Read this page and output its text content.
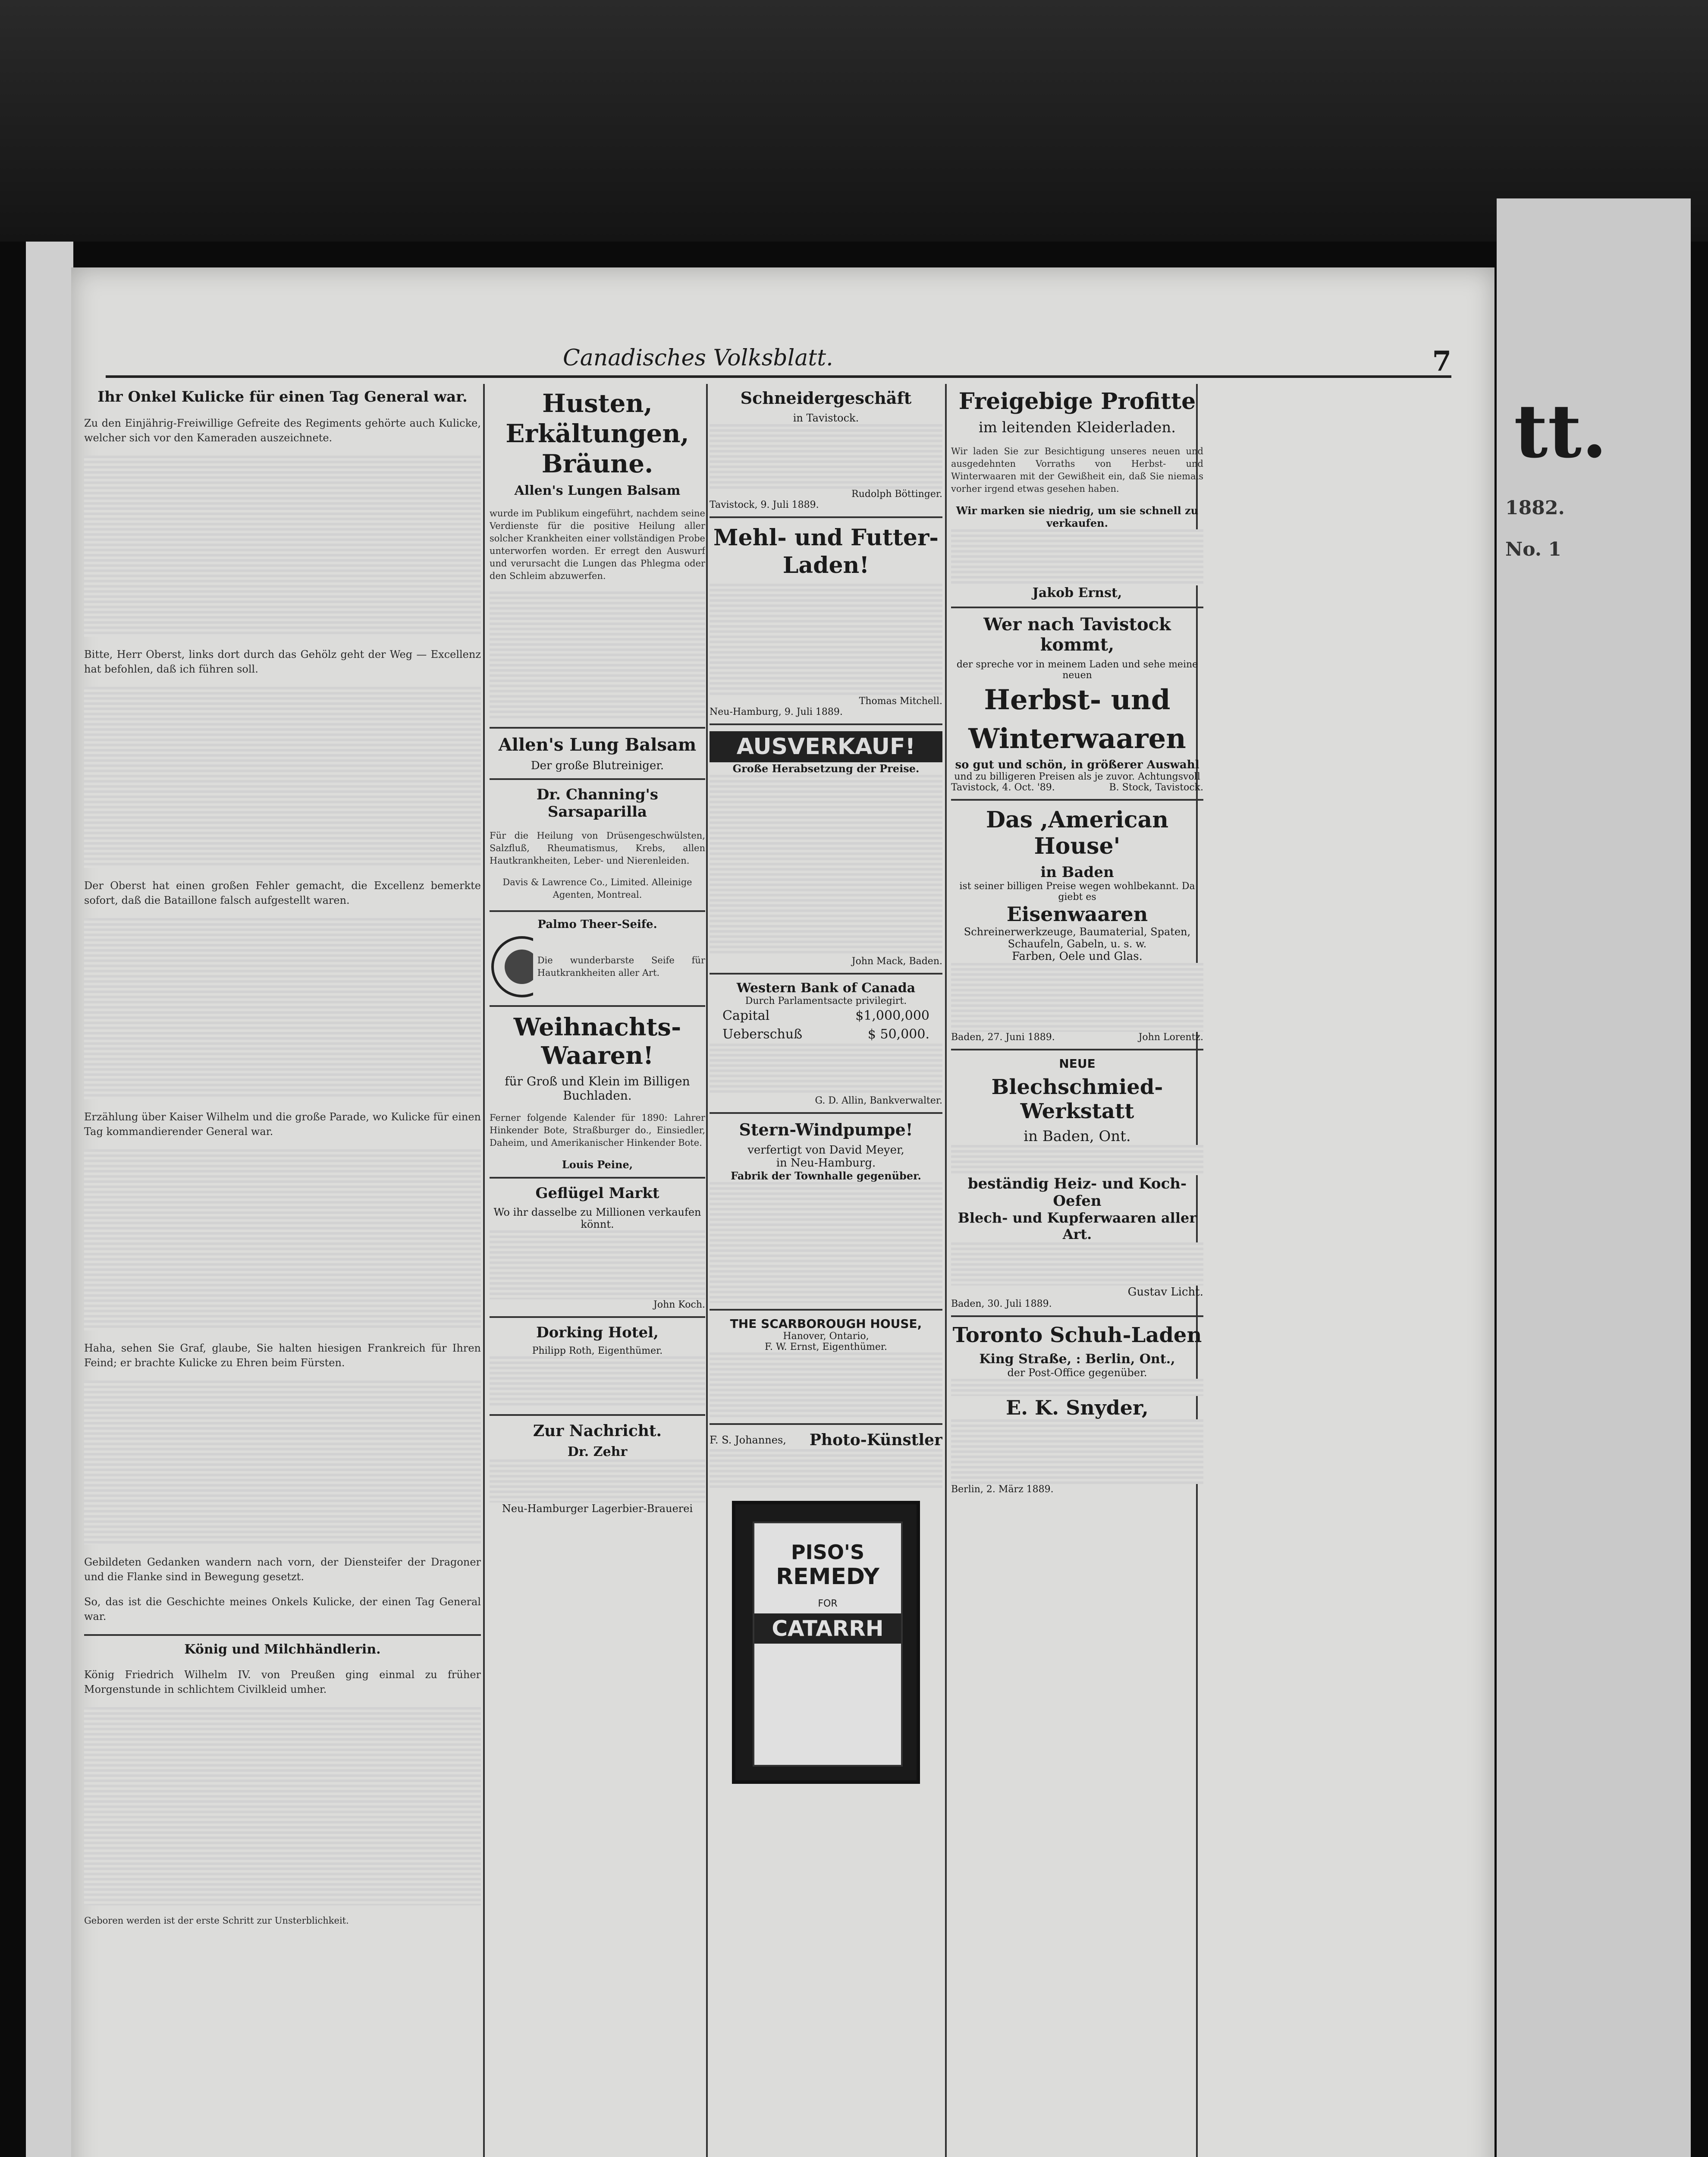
tt.
1882.
No. 1
Canadisches Volksblatt.	7
Ihr Onkel Kulicke für einen Tag General war.

Zu den Einjährig-Freiwillige Gefreite des Regiments gehörte auch Kulicke, welcher sich vor den Kameraden auszeichnete.

Bitte, Herr Oberst, links dort durch das Gehölz geht der Weg — Excellenz hat befohlen, daß ich führen soll.

Der Oberst hat einen großen Fehler gemacht, die Excellenz bemerkte sofort, daß die Bataillone falsch aufgestellt waren.

Erzählung über Kaiser Wilhelm und die große Parade, wo Kulicke für einen Tag kommandierender General war.

Haha, sehen Sie Graf, glaube, Sie halten hiesigen Frankreich für Ihren Feind; er brachte Kulicke zu Ehren beim Fürsten.

Gebildeten Gedanken wandern nach vorn, der Diensteifer der Dragoner und die Flanke sind in Bewegung gesetzt.

So, das ist die Geschichte meines Onkels Kulicke, der einen Tag General war.

König und Milchhändlerin.

König Friedrich Wilhelm IV. von Preußen ging einmal zu früher Morgenstunde in schlichtem Civilkleid umher.

Geboren werden ist der erste Schritt zur Unsterblichkeit.

Husten, Erkältungen, Bräune.
Allen's Lungen Balsam

wurde im Publikum eingeführt, nachdem seine Verdienste für die positive Heilung aller solcher Krankheiten einer vollständigen Probe unterworfen worden. Er erregt den Auswurf und verursacht die Lungen das Phlegma oder den Schleim abzuwerfen.

Allen's Lung Balsam
Der große Blutreiniger.
Dr. Channing's Sarsaparilla

Für die Heilung von Drüsengeschwülsten, Salzfluß, Rheumatismus, Krebs, allen Hautkrankheiten, Leber- und Nierenleiden.

Davis & Lawrence Co., Limited. Alleinige Agenten, Montreal.

Palmo Theer-Seife.

Die wunderbarste Seife für Hautkrankheiten aller Art.

Weihnachts-Waaren!
für Groß und Klein im Billigen Buchladen.

Ferner folgende Kalender für 1890: Lahrer Hinkender Bote, Straßburger do., Einsiedler, Daheim, und Amerikanischer Hinkender Bote.

Louis Peine,
Geflügel Markt
Wo ihr dasselbe zu Millionen verkaufen könnt.
John Koch.
Dorking Hotel,
Philipp Roth, Eigenthümer.
Zur Nachricht.
Dr. Zehr
Neu-Hamburger Lagerbier-Brauerei
Schneidergeschäft
in Tavistock.
Rudolph Böttinger.
Tavistock, 9. Juli 1889.
Mehl- und Futter-Laden!
Thomas Mitchell.
Neu-Hamburg, 9. Juli 1889.
AUSVERKAUF!
Große Herabsetzung der Preise.
John Mack, Baden.
Western Bank of Canada
Durch Parlamentsacte privilegirt.
Capital	$1,000,000
Ueberschuß	$ 50,000.
G. D. Allin, Bankverwalter.
Stern-Windpumpe!
verfertigt von David Meyer,
in Neu-Hamburg.
Fabrik der Townhalle gegenüber.
THE SCARBOROUGH HOUSE,
Hanover, Ontario,
F. W. Ernst, Eigenthümer.
F. S. Johannes, Photo-Künstler
PISO'S
REMEDY
FOR
CATARRH
Freigebige Profitte
im leitenden Kleiderladen.

Wir laden Sie zur Besichtigung unseres neuen und ausgedehnten Vorraths von Herbst- und Winterwaaren mit der Gewißheit ein, daß Sie niemals vorher irgend etwas gesehen haben.

Wir marken sie niedrig, um sie schnell zu verkaufen.
Jakob Ernst,
Wer nach Tavistock kommt,
der spreche vor in meinem Laden und sehe meine neuen
Herbst- und
Winterwaaren
so gut und schön, in größerer Auswahl
und zu billigeren Preisen als je zuvor. Achtungsvoll
Tavistock, 4. Oct. '89.	B. Stock, Tavistock.
Das ,American House'
in Baden
ist seiner billigen Preise wegen wohlbekannt. Da giebt es
Eisenwaaren
Schreinerwerkzeuge, Baumaterial, Spaten, Schaufeln, Gabeln, u. s. w.
Farben, Oele und Glas.
Baden, 27. Juni 1889.	John Lorentz.
NEUE
Blechschmied-Werkstatt
in Baden, Ont.
beständig Heiz- und Koch-Oefen
Blech- und Kupferwaaren aller Art.
Gustav Licht.
Baden, 30. Juli 1889.
Toronto Schuh-Laden
King Straße, : Berlin, Ont.,
der Post-Office gegenüber.
E. K. Snyder,
Berlin, 2. März 1889.
